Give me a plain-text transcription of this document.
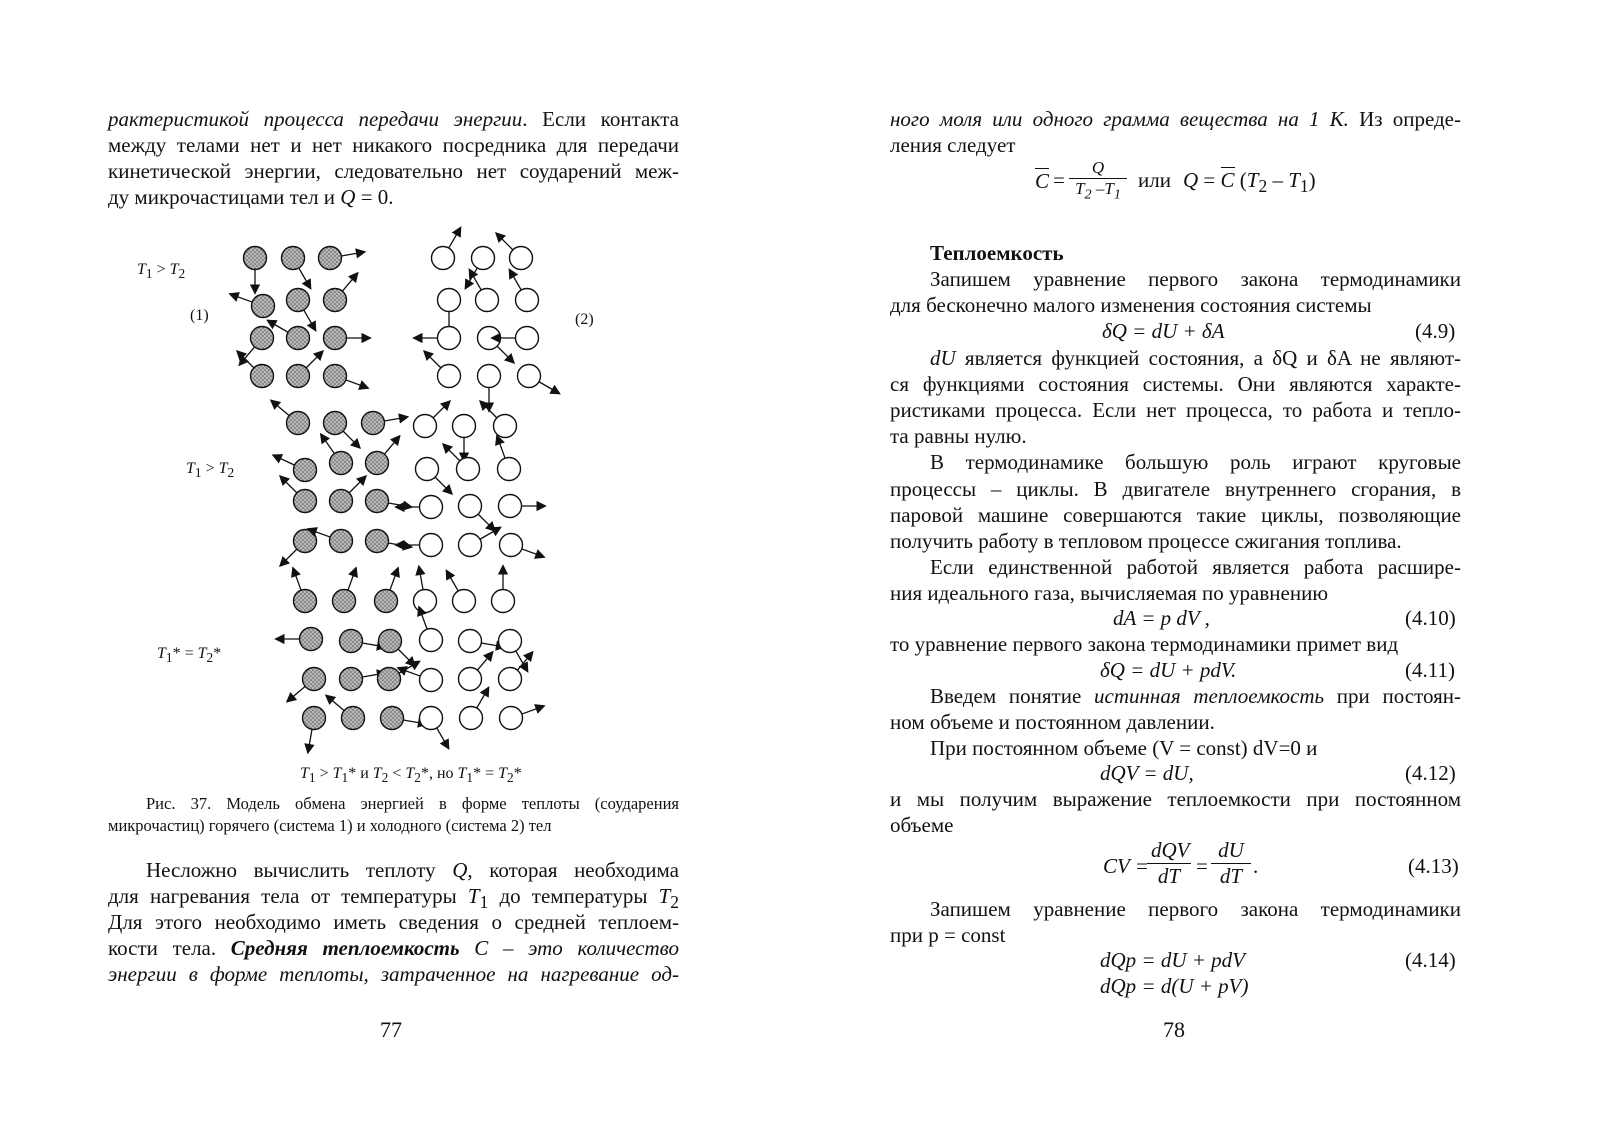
рактеристикой процесса передачи энергии. Если контакта

между телами нет и нет никакого посредника для передачи

кинетической энергии, следовательно нет соударений меж-

ду микрочастицами тел и Q = 0.

$T_1 > T_2$
(1)	(2)
$T_1 > T_2$
$T_1* = T_2*$
$T_1 > T_1*$ и $T_2 < T_2*$, но $T_1* = T_2*$
Рис. 37. Модель обмена энергией в форме теплоты (соударения
микрочастиц) горячего (система 1) и холодного (система 2) тел

Несложно вычислить теплоту Q, которая необходима

для нагревания тела от температуры $T_1$ до температуры $T_2$

Для этого необходимо иметь сведения о средней теплоем-

кости тела. Средняя теплоемкость C – это количество

энергии в форме теплоты, затраченное на нагревание од-

77

ного моля или одного грамма вещества на 1 К. Из опреде-

ления следует

$C = \frac{Q}{T_2 -T_1}$ или Q = C $(T_2 - T_1)$

Теплоемкость

Запишем уравнение первого закона термодинамики

для бесконечно малого изменения состояния системы

δQ = dU + δA	(4.9)

dU является функцией состояния, а δQ и δA не являют-

ся функциями состояния системы. Они являются характе-

ристиками процесса. Если нет процесса, то работа и тепло-

та равны нулю.

В термодинамике большую роль играют круговые

процессы – циклы. В двигателе внутреннего сгорания, в

паровой машине совершаются такие циклы, позволяющие

получить работу в тепловом процессе сжигания топлива.

Если единственной работой является работа расшире-

ния идеального газа, вычисляемая по уравнению

dA = p dV ,	(4.10)

то уравнение первого закона термодинамики примет вид

δQ = dU + pdV.	(4.11)

Введем понятие истинная теплоемкость при постоян-

ном объеме и постоянном давлении.

При постоянном объеме (V = const) dV=0 и

dQV = dU,	(4.12)

и мы получим выражение теплоемкости при постоянном

объеме

CV =
dQV
dT = $\frac{dU}{dT}$ .	(4.13)

Запишем уравнение первого закона термодинамики

при p = const

dQp = dU + pdV	(4.14)

dQp = d(U + pV)

78
